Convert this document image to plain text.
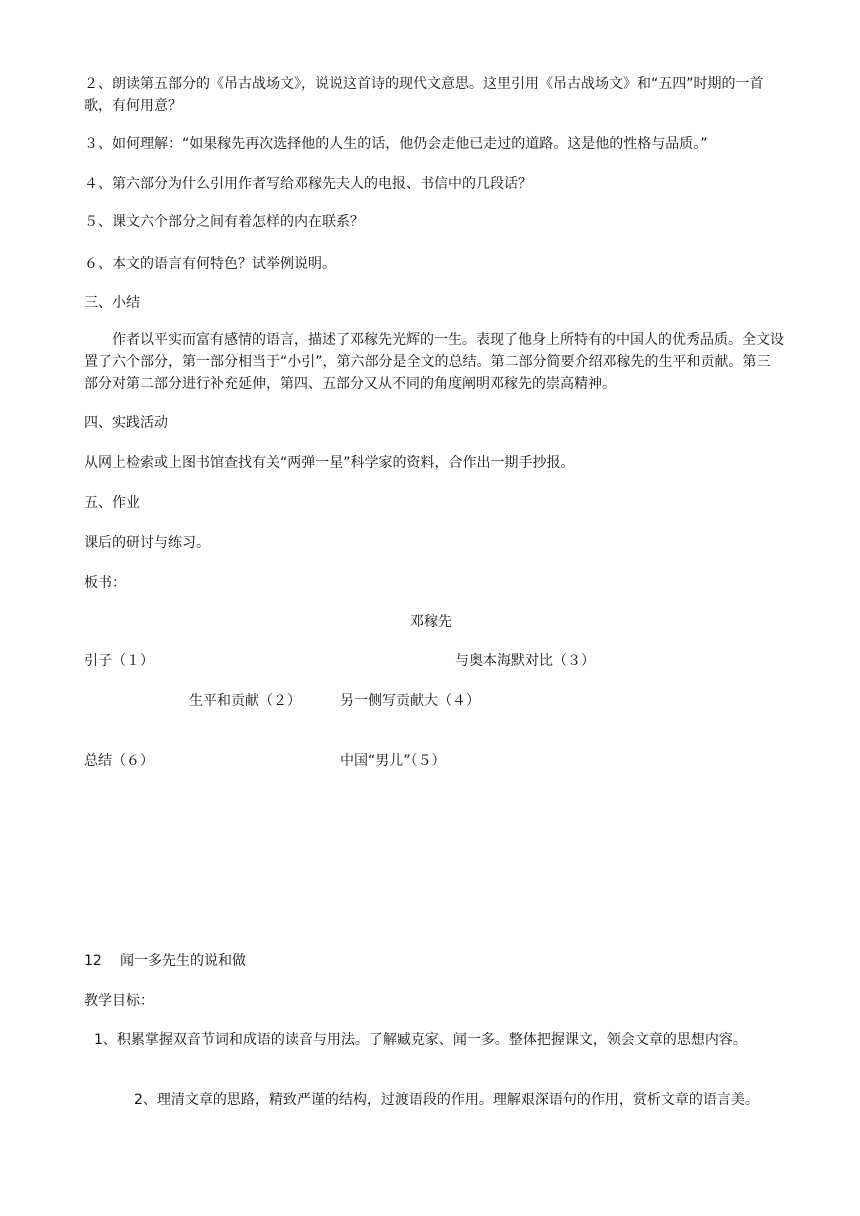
２、朗读第五部分的《吊古战场文》，说说这首诗的现代文意思。这里引用《吊古战场文》和“五四”时期的一首歌，有何用意？
３、如何理解：“如果稼先再次选择他的人生的话，他仍会走他已走过的道路。这是他的性格与品质。”
４、第六部分为什么引用作者写给邓稼先夫人的电报、书信中的几段话？
５、课文六个部分之间有着怎样的内在联系？
６、本文的语言有何特色？试举例说明。
三、小结
作者以平实而富有感情的语言，描述了邓稼先光辉的一生。表现了他身上所特有的中国人的优秀品质。全文设置了六个部分，第一部分相当于“小引”，第六部分是全文的总结。第二部分简要介绍邓稼先的生平和贡献。第三部分对第二部分进行补充延伸，第四、五部分又从不同的角度阐明邓稼先的崇高精神。
四、实践活动
从网上检索或上图书馆查找有关“两弹一星”科学家的资料，合作出一期手抄报。
五、作业
课后的研讨与练习。
板书：
邓稼先
引子（１）	与奥本海默对比（３）
生平和贡献（２）	另一侧写贡献大（４）
总结（６）	中国“男儿”（５）
12 闻一多先生的说和做
教学目标：
1、积累掌握双音节词和成语的读音与用法。了解臧克家、闻一多。整体把握课文，领会文章的思想内容。
2、理清文章的思路，精致严谨的结构，过渡语段的作用。理解艰深语句的作用，赏析文章的语言美。
